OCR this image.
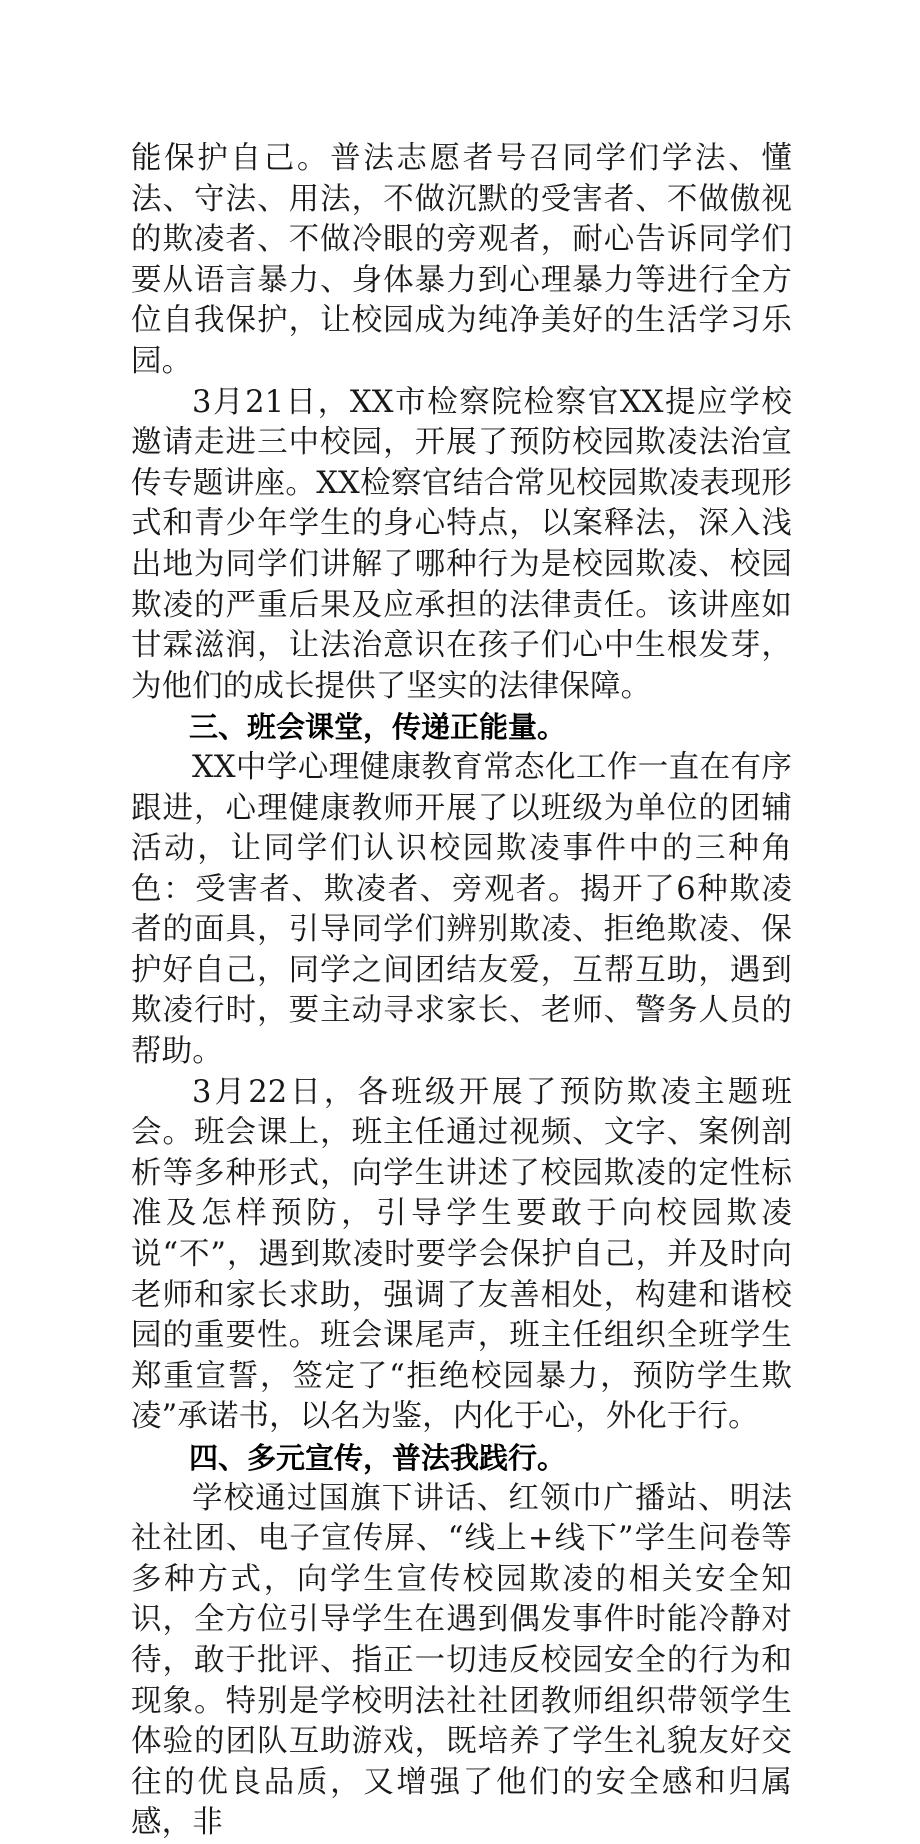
能保护自己。普法志愿者号召同学们学法、懂法、守法、用法，不做沉默的受害者、不做傲视的欺凌者、不做冷眼的旁观者，耐心告诉同学们要从语言暴力、身体暴力到心理暴力等进行全方位自我保护，让校园成为纯净美好的生活学习乐园。

3月21日，XX市检察院检察官XX提应学校邀请走进三中校园，开展了预防校园欺凌法治宣传专题讲座。XX检察官结合常见校园欺凌表现形式和青少年学生的身心特点，以案释法，深入浅出地为同学们讲解了哪种行为是校园欺凌、校园欺凌的严重后果及应承担的法律责任。该讲座如甘霖滋润，让法治意识在孩子们心中生根发芽，为他们的成长提供了坚实的法律保障。

三、班会课堂，传递正能量。

XX中学心理健康教育常态化工作一直在有序跟进，心理健康教师开展了以班级为单位的团辅活动，让同学们认识校园欺凌事件中的三种角色：受害者、欺凌者、旁观者。揭开了6种欺凌者的面具，引导同学们辨别欺凌、拒绝欺凌、保护好自己，同学之间团结友爱，互帮互助，遇到欺凌行时，要主动寻求家长、老师、警务人员的帮助。

3月22日，各班级开展了预防欺凌主题班会。班会课上，班主任通过视频、文字、案例剖析等多种形式，向学生讲述了校园欺凌的定性标准及怎样预防，引导学生要敢于向校园欺凌说“不”，遇到欺凌时要学会保护自己，并及时向老师和家长求助，强调了友善相处，构建和谐校园的重要性。班会课尾声，班主任组织全班学生郑重宣誓，签定了“拒绝校园暴力，预防学生欺凌”承诺书，以名为鉴，内化于心，外化于行。

四、多元宣传，普法我践行。

学校通过国旗下讲话、红领巾广播站、明法社社团、电子宣传屏、“线上+线下”学生问卷等多种方式，向学生宣传校园欺凌的相关安全知识，全方位引导学生在遇到偶发事件时能冷静对待，敢于批评、指正一切违反校园安全的行为和现象。特别是学校明法社社团教师组织带领学生体验的团队互助游戏，既培养了学生礼貌友好交往的优良品质，又增强了他们的安全感和归属感，非
